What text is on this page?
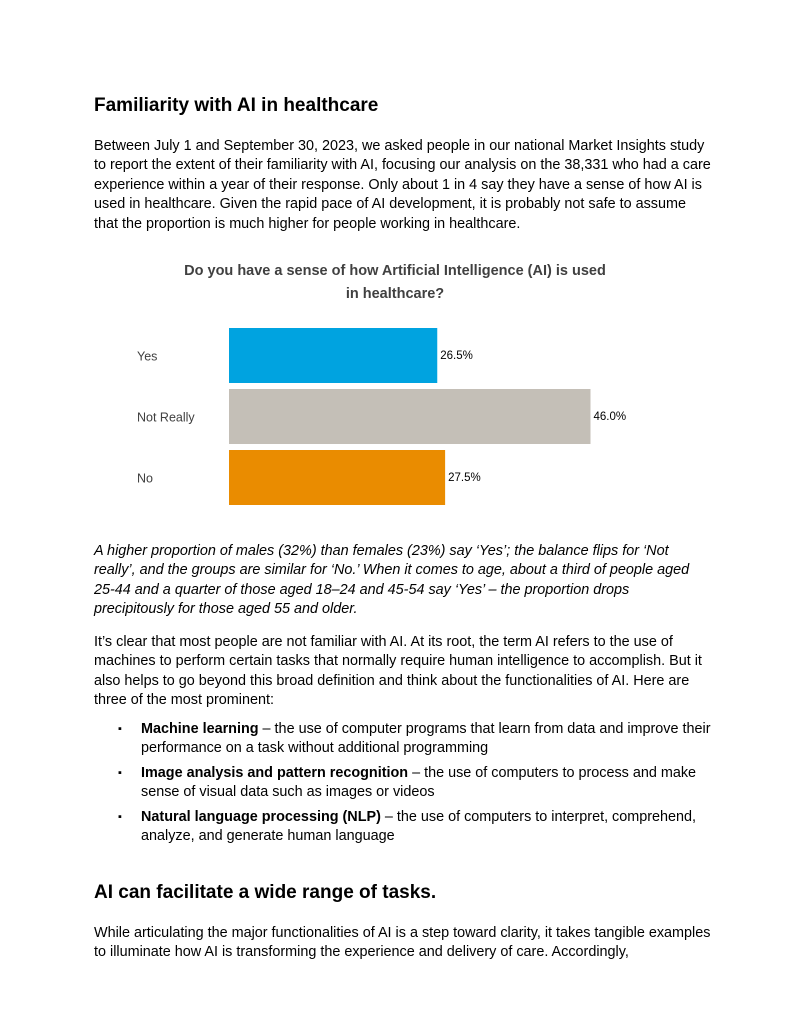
Familiarity with AI in healthcare

Between July 1 and September 30, 2023, we asked people in our national Market Insights study to report the extent of their familiarity with AI, focusing our analysis on the 38,331 who had a care experience within a year of their response. Only about 1 in 4 say they have a sense of how AI is used in healthcare. Given the rapid pace of AI development, it is probably not safe to assume that the proportion is much higher for people working in healthcare.

A higher proportion of males (32%) than females (23%) say ‘Yes’; the balance flips for ‘Not really’, and the groups are similar for ‘No.’ When it comes to age, about a third of people aged 25-44 and a quarter of those aged 18–24 and 45-54 say ‘Yes’ – the proportion drops precipitously for those aged 55 and older.

It’s clear that most people are not familiar with AI. At its root, the term AI refers to the use of machines to perform certain tasks that normally require human intelligence to accomplish. But it also helps to go beyond this broad definition and think about the functionalities of AI. Here are three of the most prominent:

▪ Machine learning – the use of computer programs that learn from data and improve their performance on a task without additional programming
▪ Image analysis and pattern recognition – the use of computers to process and make sense of visual data such as images or videos
▪ Natural language processing (NLP) – the use of computers to interpret, comprehend, analyze, and generate human language
AI can facilitate a wide range of tasks.

While articulating the major functionalities of AI is a step toward clarity, it takes tangible examples to illuminate how AI is transforming the experience and delivery of care. Accordingly,

Do you have a sense of how Artificial Intelligence (AI) is used
in healthcare?
Yes	26.5%
Not Really	46.0%
No	27.5%
